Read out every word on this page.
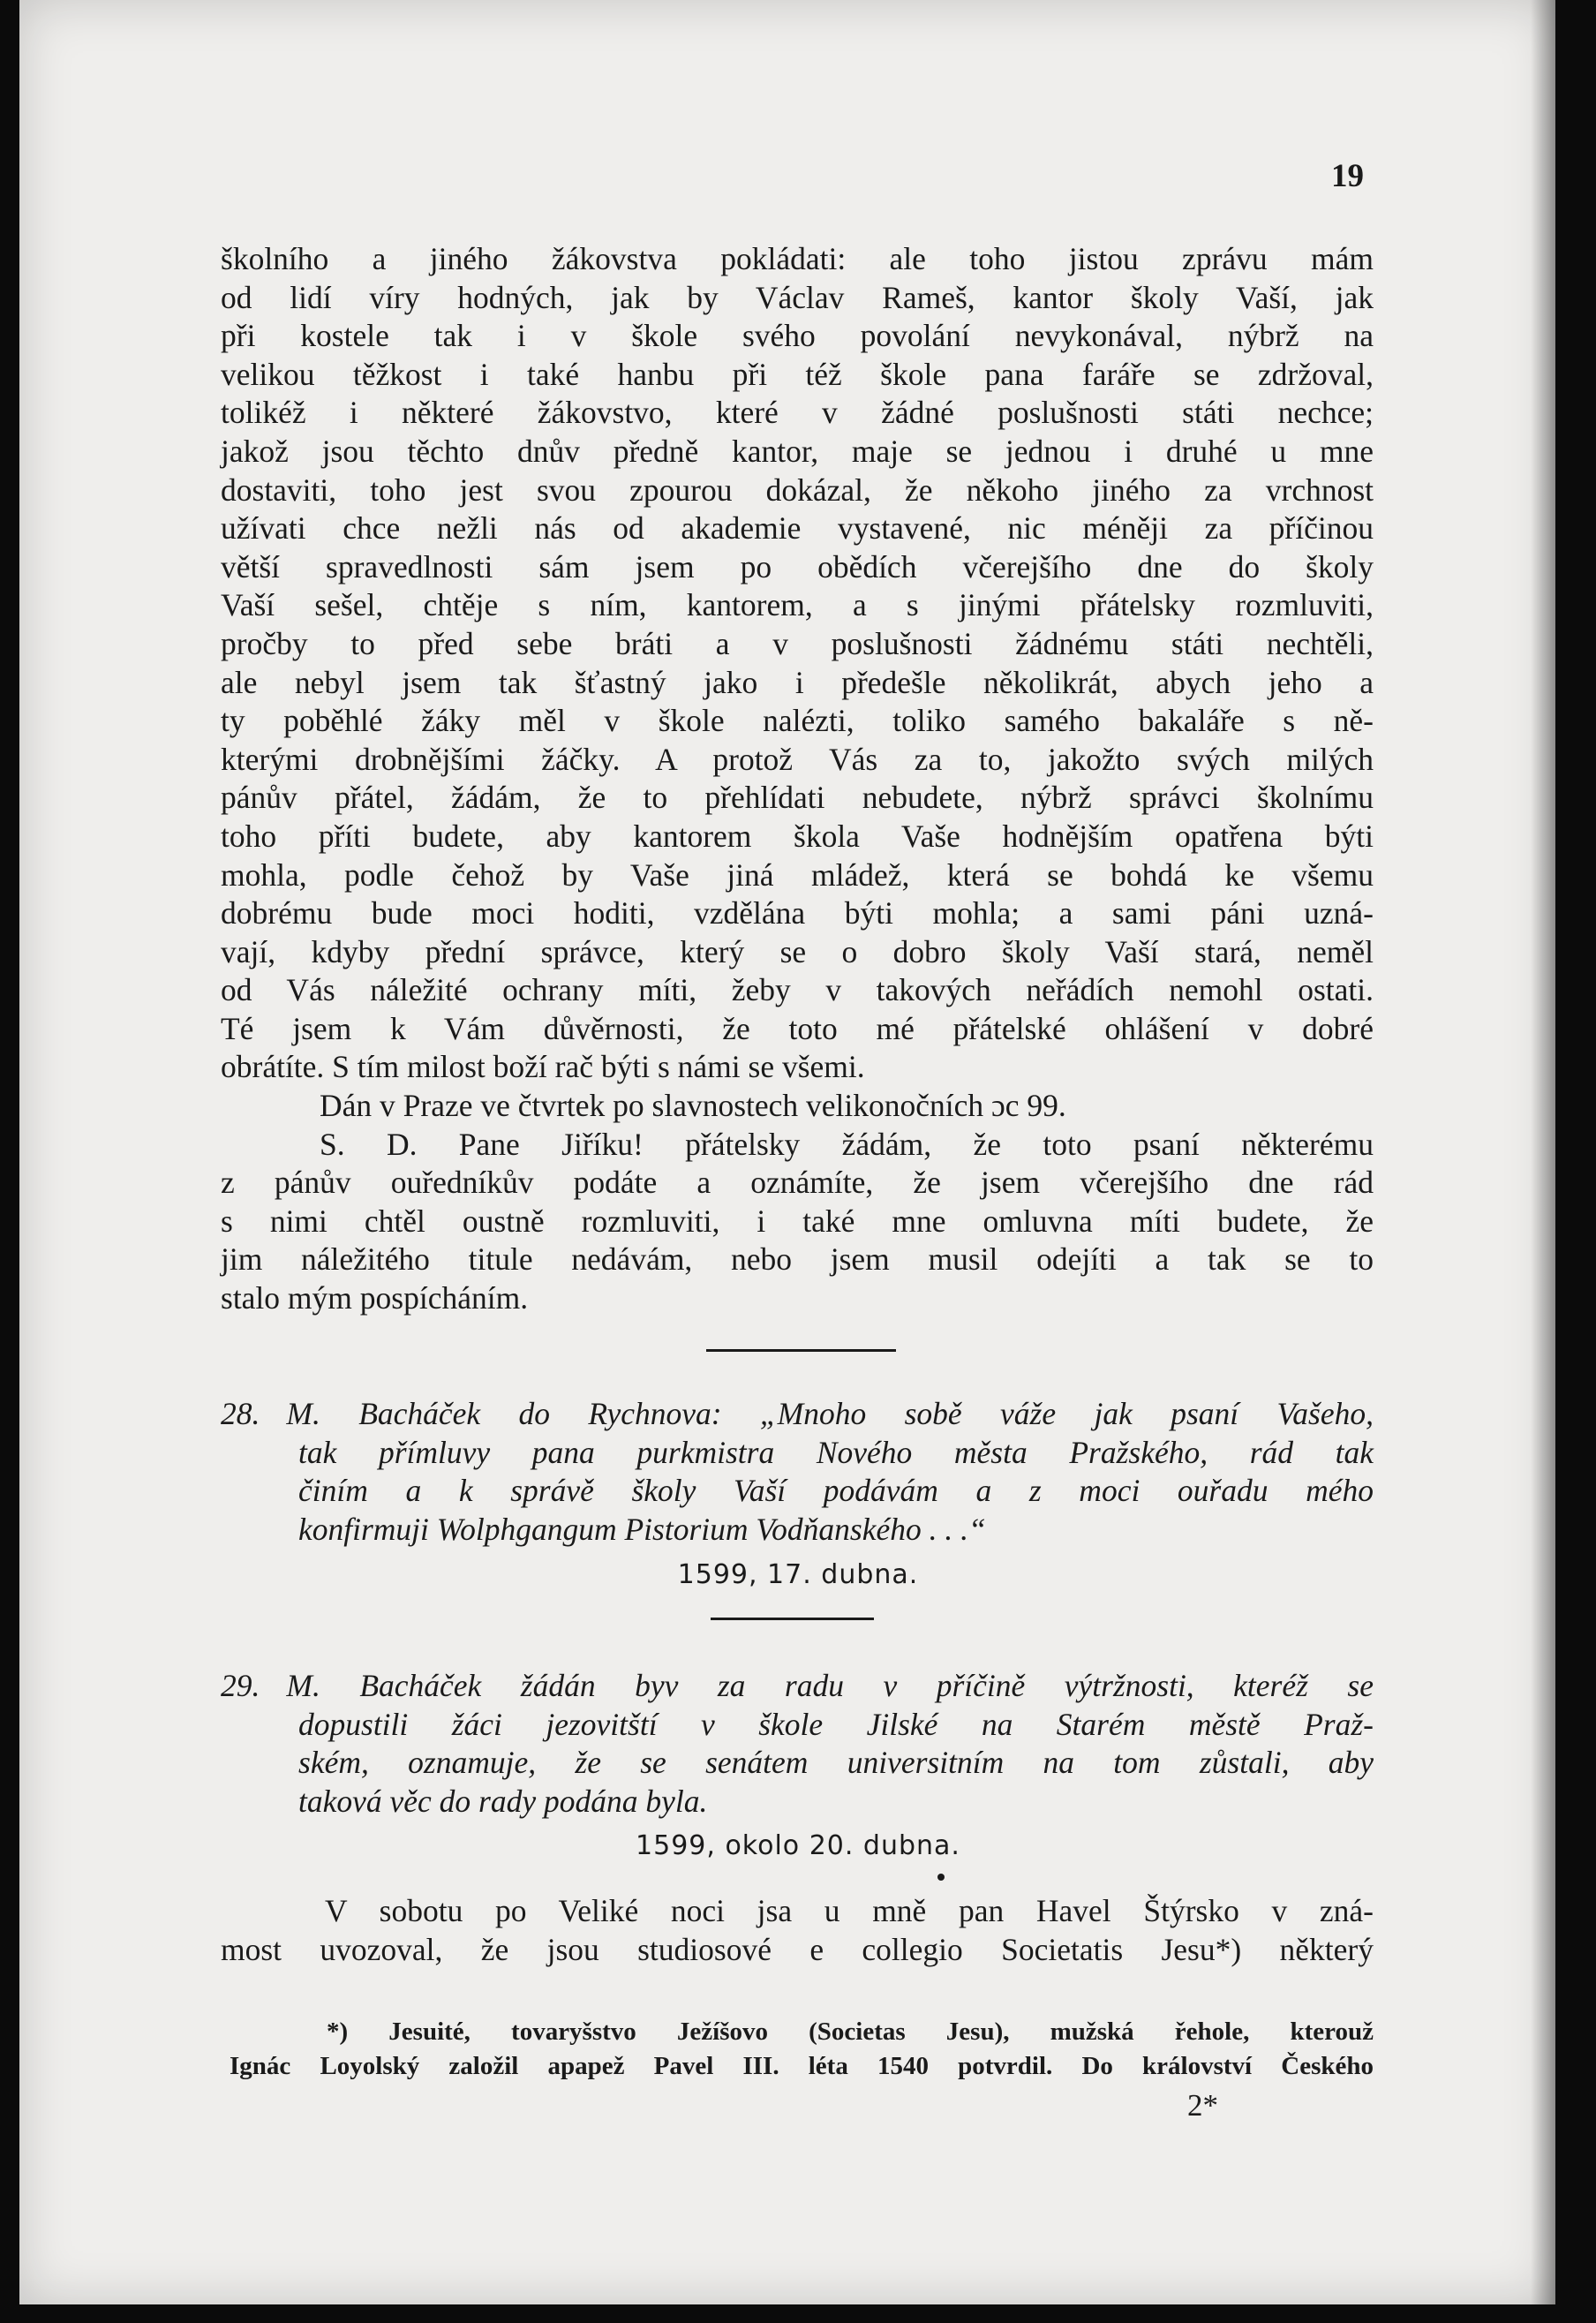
19
školního a jiného žákovstva pokládati: ale toho jistou zprávu mám
od lidí víry hodných, jak by Václav Rameš, kantor školy Vaší, jak
při kostele tak i v škole svého povolání nevykonával, nýbrž na
velikou těžkost i také hanbu při též škole pana faráře se zdržoval,
tolikéž i některé žákovstvo, které v žádné poslušnosti státi nechce;
jakož jsou těchto dnův předně kantor, maje se jednou i druhé u mne
dostaviti, toho jest svou zpourou dokázal, že někoho jiného za vrchnost
užívati chce nežli nás od akademie vystavené, nic méněji za příčinou
větší spravedlnosti sám jsem po obědích včerejšího dne do školy
Vaší sešel, chtěje s ním, kantorem, a s jinými přátelsky rozmluviti,
pročby to před sebe bráti a v poslušnosti žádnému státi nechtěli,
ale nebyl jsem tak šťastný jako i předešle několikrát, abych jeho a
ty poběhlé žáky měl v škole nalézti, toliko samého bakaláře s ně-
kterými drobnějšími žáčky. A protož Vás za to, jakožto svých milých
pánův přátel, žádám, že to přehlídati nebudete, nýbrž správci školnímu
toho příti budete, aby kantorem škola Vaše hodnějším opatřena býti
mohla, podle čehož by Vaše jiná mládež, která se bohdá ke všemu
dobrému bude moci hoditi, vzdělána býti mohla; a sami páni uzná-
vají, kdyby přední správce, který se o dobro školy Vaší stará, neměl
od Vás náležité ochrany míti, žeby v takových neřádích nemohl ostati.
Té jsem k Vám důvěrnosti, že toto mé přátelské ohlášení v dobré
obrátíte. S tím milost boží rač býti s námi se všemi.
Dán v Praze ve čtvrtek po slavnostech velikonočních ɔc 99.
S. D. Pane Jiříku! přátelsky žádám, že toto psaní některému
z pánův ouředníkův podáte a oznámíte, že jsem včerejšího dne rád
s nimi chtěl oustně rozmluviti, i také mne omluvna míti budete, že
jim náležitého titule nedávám, nebo jsem musil odejíti a tak se to
stalo mým pospícháním.
28. M. Bacháček do Rychnova: „Mnoho sobě váže jak psaní Vašeho,
tak přímluvy pana purkmistra Nového města Pražského, rád tak
činím a k správě školy Vaší podávám a z moci ouřadu mého
konfirmuji Wolphgangum Pistorium Vodňanského . . .“
1599, 17. dubna.
29. M. Bacháček žádán byv za radu v příčině výtržnosti, kteréž se
dopustili žáci jezovitští v škole Jilské na Starém městě Praž-
ském, oznamuje, že se senátem universitním na tom zůstali, aby
taková věc do rady podána byla.
1599, okolo 20. dubna.
V sobotu po Veliké noci jsa u mně pan Havel Štýrsko v zná-
most uvozoval, že jsou studiosové e collegio Societatis Jesu*) některý
*) Jesuité, tovaryšstvo Ježíšovo (Societas Jesu), mužská řehole, kterouž
Ignác Loyolský založil apapež Pavel III. léta 1540 potvrdil. Do království Českého
2*
